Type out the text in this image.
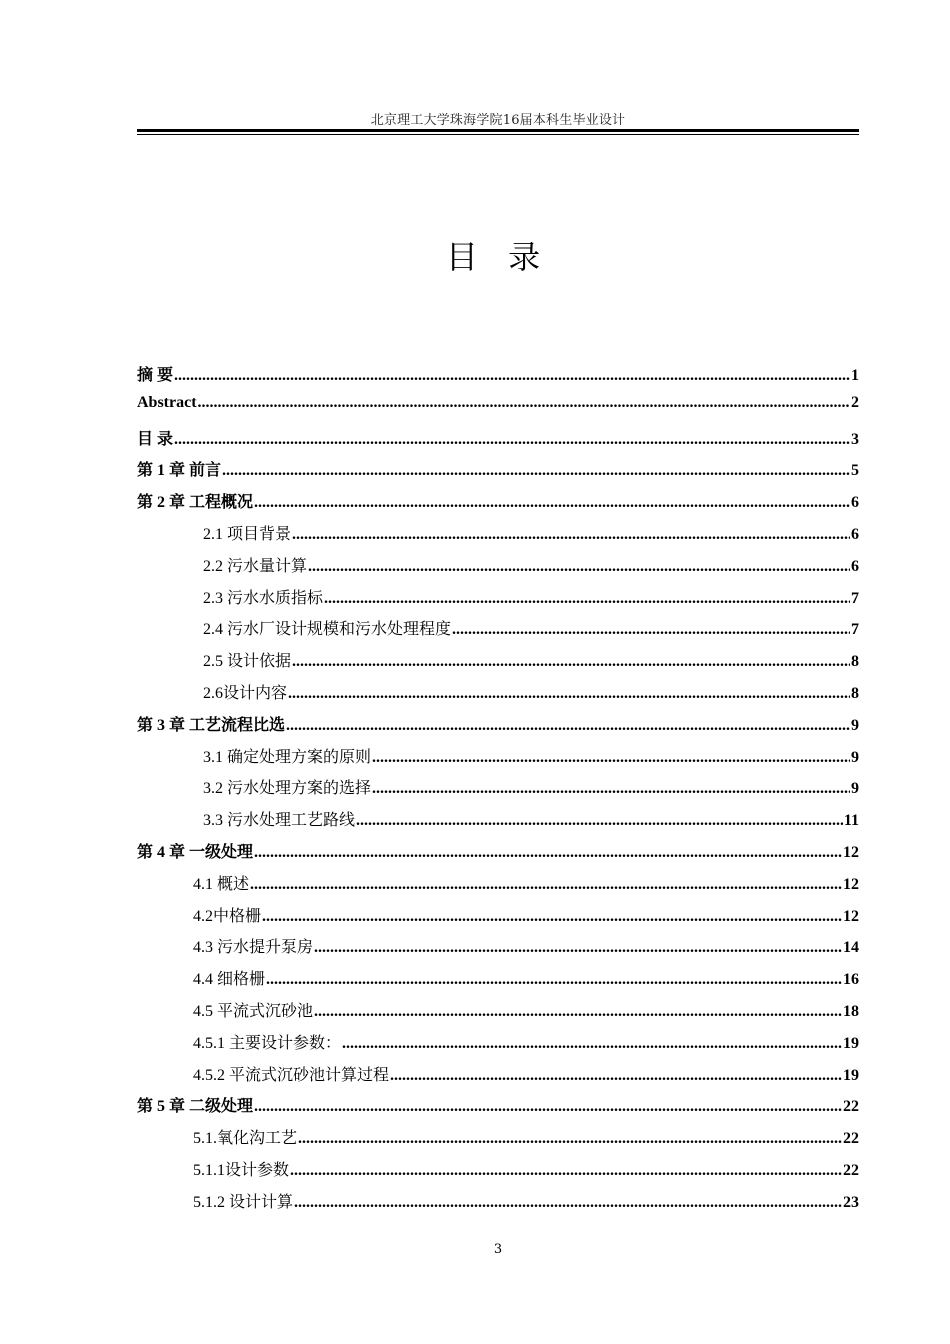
北京理工大学珠海学院16届本科生毕业设计
目 录
摘 要 .....	1
Abstract .....	2
目 录 .....	3
第 1 章 前言 .....	5
第 2 章 工程概况 .....	6
2.1 项目背景 .....	6
2.2 污水量计算 .....	6
2.3 污水水质指标 .....	7
2.4 污水厂设计规模和污水处理程度 .....	7
2.5 设计依据 .....	8
2.6设计内容 .....	8
第 3 章 工艺流程比选 .....	9
3.1 确定处理方案的原则 .....	9
3.2 污水处理方案的选择 .....	9
3.3 污水处理工艺路线 .....	11
第 4 章 一级处理 .....	12
4.1 概述 .....	12
4.2中格栅 .....	12
4.3 污水提升泵房 .....	14
4.4 细格栅 .....	16
4.5 平流式沉砂池 .....	18
4.5.1 主要设计参数： .....	19
4.5.2 平流式沉砂池计算过程 .....	19
第 5 章 二级处理 .....	22
5.1.氧化沟工艺 .....	22
5.1.1设计参数 .....	22
5.1.2 设计计算 .....	23
3
